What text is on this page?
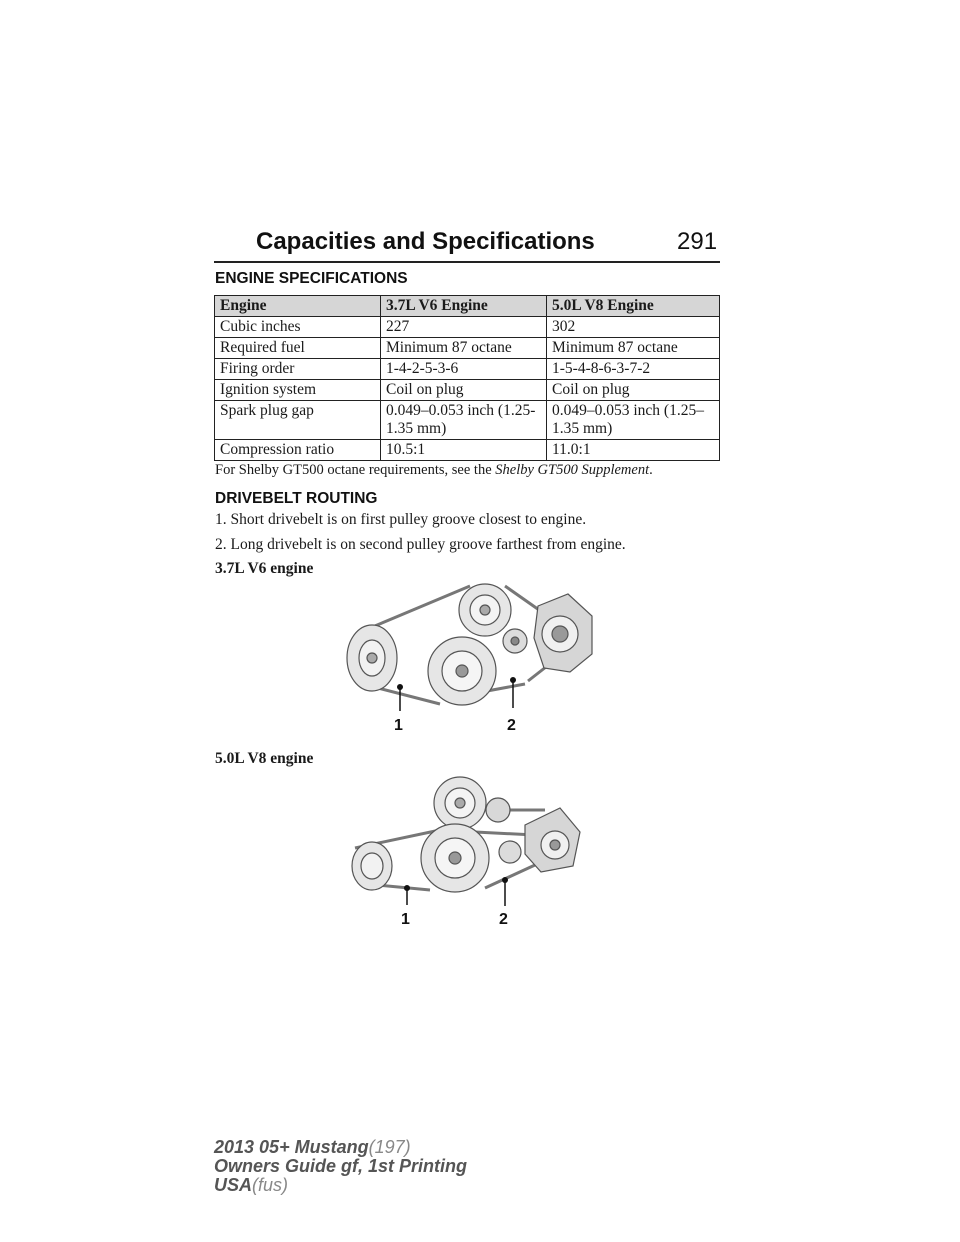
Capacities and Specifications	291
ENGINE SPECIFICATIONS
Engine	3.7L V6 Engine	5.0L V8 Engine
Cubic inches	227	302
Required fuel	Minimum 87 octane	Minimum 87 octane
Firing order	1-4-2-5-3-6	1-5-4-8-6-3-7-2
Ignition system	Coil on plug	Coil on plug
Spark plug gap	0.049–0.053 inch (1.25-1.35 mm)	0.049–0.053 inch (1.25–1.35 mm)
Compression ratio	10.5:1	11.0:1
For Shelby GT500 octane requirements, see the Shelby GT500 Supplement.
DRIVEBELT ROUTING
1. Short drivebelt is on first pulley groove closest to engine.
2. Long drivebelt is on second pulley groove farthest from engine.
3.7L V6 engine
1	2
5.0L V8 engine
1	2
2013 05+ Mustang(197)
Owners Guide gf, 1st Printing
USA(fus)
